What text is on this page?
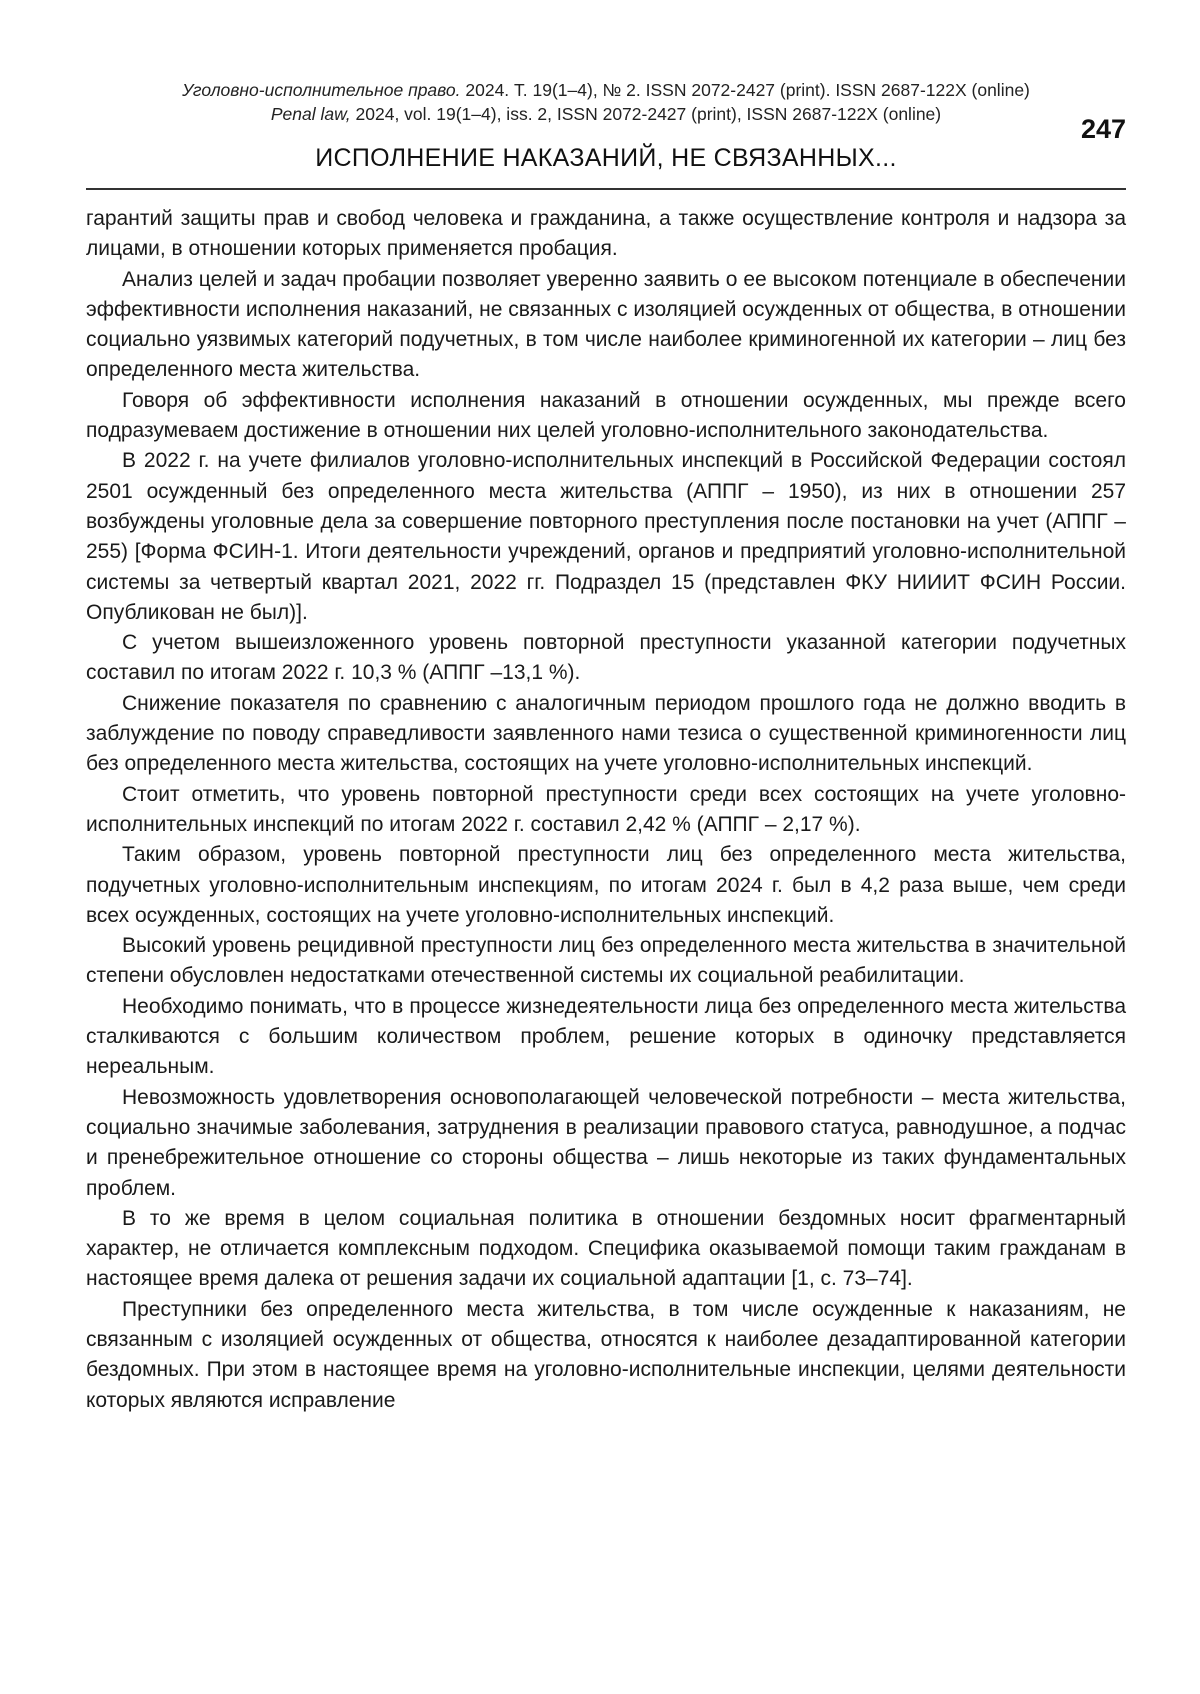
Уголовно-исполнительное право. 2024. Т. 19(1–4), № 2. ISSN 2072-2427 (print). ISSN 2687-122X (online)
Penal law, 2024, vol. 19(1–4), iss. 2, ISSN 2072-2427 (print), ISSN 2687-122X (online)	247
ИСПОЛНЕНИЕ НАКАЗАНИЙ, НЕ СВЯЗАННЫХ...

гарантий защиты прав и свобод человека и гражданина, а также осуществление контроля и надзора за лицами, в отношении которых применяется пробация.

Анализ целей и задач пробации позволяет уверенно заявить о ее высоком потенциале в обеспечении эффективности исполнения наказаний, не связанных с изоляцией осужденных от общества, в отношении социально уязвимых категорий подучетных, в том числе наиболее криминогенной их категории – лиц без определенного места жительства.

Говоря об эффективности исполнения наказаний в отношении осужденных, мы прежде всего подразумеваем достижение в отношении них целей уголовно-исполнительного законодательства.

В 2022 г. на учете филиалов уголовно-исполнительных инспекций в Российской Федерации состоял 2501 осужденный без определенного места жительства (АППГ – 1950), из них в отношении 257 возбуждены уголовные дела за совершение повторного преступления после постановки на учет (АППГ – 255) [Форма ФСИН-1. Итоги деятельности учреждений, органов и предприятий уголовно-исполнительной системы за четвертый квартал 2021, 2022 гг. Подраздел 15 (представлен ФКУ НИИИТ ФСИН России. Опубликован не был)].

С учетом вышеизложенного уровень повторной преступности указанной категории подучетных составил по итогам 2022 г. 10,3 % (АППГ –13,1 %).

Снижение показателя по сравнению с аналогичным периодом прошлого года не должно вводить в заблуждение по поводу справедливости заявленного нами тезиса о существенной криминогенности лиц без определенного места жительства, состоящих на учете уголовно-исполнительных инспекций.

Стоит отметить, что уровень повторной преступности среди всех состоящих на учете уголовно-исполнительных инспекций по итогам 2022 г. составил 2,42 % (АППГ – 2,17 %).

Таким образом, уровень повторной преступности лиц без определенного места жительства, подучетных уголовно-исполнительным инспекциям, по итогам 2024 г. был в 4,2 раза выше, чем среди всех осужденных, состоящих на учете уголовно-исполнительных инспекций.

Высокий уровень рецидивной преступности лиц без определенного места жительства в значительной степени обусловлен недостатками отечественной системы их социальной реабилитации.

Необходимо понимать, что в процессе жизнедеятельности лица без определенного места жительства сталкиваются с большим количеством проблем, решение которых в одиночку представляется нереальным.

Невозможность удовлетворения основополагающей человеческой потребности – места жительства, социально значимые заболевания, затруднения в реализации правового статуса, равнодушное, а подчас и пренебрежительное отношение со стороны общества – лишь некоторые из таких фундаментальных проблем.

В то же время в целом социальная политика в отношении бездомных носит фрагментарный характер, не отличается комплексным подходом. Специфика оказываемой помощи таким гражданам в настоящее время далека от решения задачи их социальной адаптации [1, с. 73–74].

Преступники без определенного места жительства, в том числе осужденные к наказаниям, не связанным с изоляцией осужденных от общества, относятся к наиболее дезадаптированной категории бездомных. При этом в настоящее время на уголовно-исполнительные инспекции, целями деятельности которых являются исправление
